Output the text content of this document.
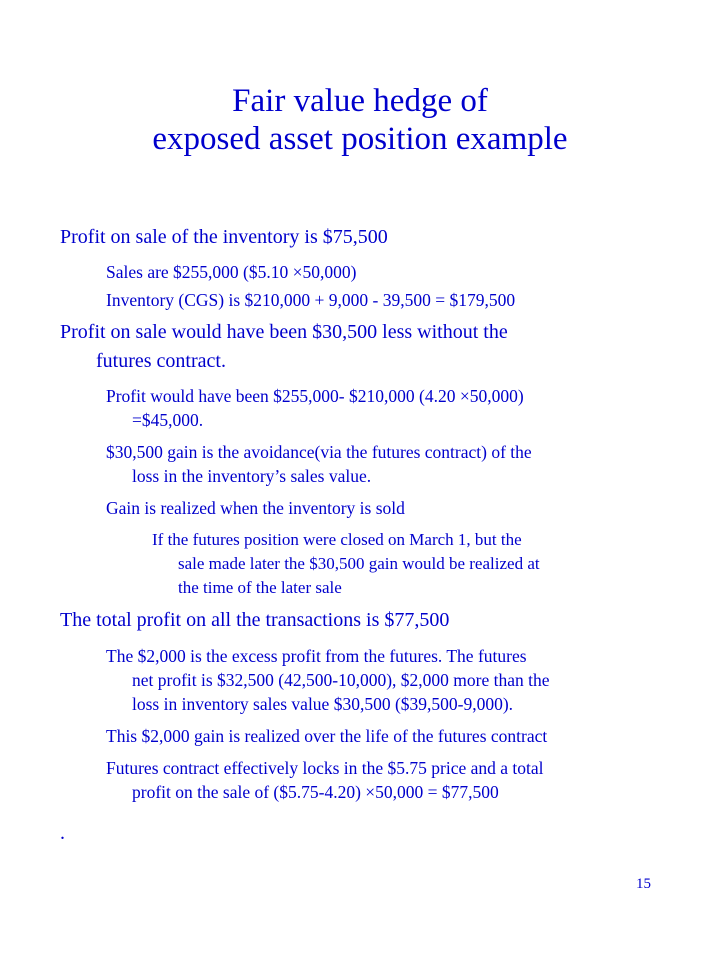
Fair value hedge of
exposed asset position example
Profit on sale of the inventory is $75,500
Sales are $255,000 ($5.10 ×50,000)
Inventory (CGS) is $210,000 + 9,000 - 39,500 = $179,500
Profit on sale would have been $30,500 less without the
futures contract.
Profit would have been $255,000- $210,000 (4.20 ×50,000)
=$45,000.
$30,500 gain is the avoidance(via the futures contract) of the
loss in the inventory’s sales value.
Gain is realized when the inventory is sold
If the futures position were closed on March 1, but the
sale made later the $30,500 gain would be realized at
the time of the later sale
The total profit on all the transactions is $77,500
The $2,000 is the excess profit from the futures. The futures
net profit is $32,500 (42,500-10,000), $2,000 more than the
loss in inventory sales value $30,500 ($39,500-9,000).
This $2,000 gain is realized over the life of the futures contract
Futures contract effectively locks in the $5.75 price and a total
profit on the sale of ($5.75-4.20) ×50,000 = $77,500
.
15
